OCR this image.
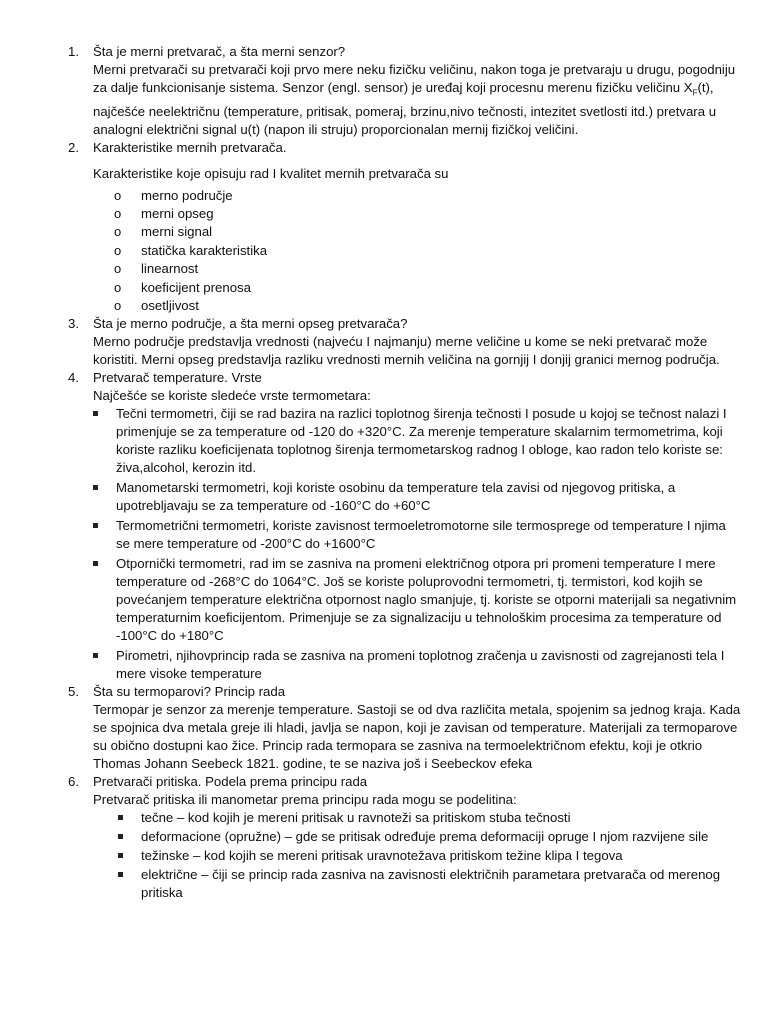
1. Šta je merni pretvarač, a šta merni senzor?
Merni pretvarači su pretvarači koji prvo mere neku fizičku veličinu, nakon toga je pretvaraju u drugu, pogodniju za dalje funkcionisanje sistema. Senzor (engl. sensor) je uređaj koji procesnu merenu fizičku veličinu $X_F(t)$, najčešće neelektričnu (temperature, pritisak, pomeraj, brzinu,nivo tečnosti, intezitet svetlosti itd.) pretvara u analogni električni signal u(t) (napon ili struju) proporcionalan mernij fizičkoj veličini.
2. Karakteristike mernih pretvarača.
Karakteristike koje opisuju rad I kvalitet mernih pretvarača su
o merno područje
o merni opseg
o merni signal
o statička karakteristika
o linearnost
o koeficijent prenosa
o osetljivost
3. Šta je merno područje, a šta merni opseg pretvarača?
Merno područje predstavlja vrednosti (najveću I najmanju) merne veličine u kome se neki pretvarač može koristiti. Merni opseg predstavlja razliku vrednosti mernih veličina na gornjij I donjij granici mernog područja.
4. Pretvarač temperature. Vrste
Najčešće se koriste sledeće vrste termometara:
Tečni termometri, čiji se rad bazira na razlici toplotnog širenja tečnosti I posude u kojoj se tečnost nalazi I primenjuje se za temperature od -120 do +320°C. Za merenje temperature skalarnim termometrima, koji koriste razliku koeficijenata toplotnog širenja termometarskog radnog I obloge, kao radon telo koriste se: živa,alcohol, kerozin itd.
Manometarski termometri, koji koriste osobinu da temperature tela zavisi od njegovog pritiska, a upotrebljavaju se za temperature od -160°C do +60°C
Termometrični termometri, koriste zavisnost termoeletromotorne sile termosprege od temperature I njima se mere temperature od -200°C do +1600°C
Otpornički termometri, rad im se zasniva na promeni električnog otpora pri promeni temperature I mere temperature od -268°C do 1064°C. Još se koriste poluprovodni termometri, tj. termistori, kod kojih se povećanjem temperature električna otpornost naglo smanjuje, tj. koriste se otporni materijali sa negativnim temperaturnim koeficijentom. Primenjuje se za signalizaciju u tehnološkim procesima za temperature od -100°C do +180°C
Pirometri, njihovprincip rada se zasniva na promeni toplotnog zračenja u zavisnosti od zagrejanosti tela I mere visoke temperature
5. Šta su termoparovi? Princip rada
Termopar je senzor za merenje temperature. Sastoji se od dva različita metala, spojenim sa jednog kraja. Kada se spojnica dva metala greje ili hladi, javlja se napon, koji je zavisan od temperature. Materijali za termoparove su obično dostupni kao žice. Princip rada termopara se zasniva na termoelektričnom efektu, koji je otkrio Thomas Johann Seebeck 1821. godine, te se naziva još i Seebeckov efeka
6. Pretvarači pritiska. Podela prema principu rada
Pretvarač pritiska ili manometar prema principu rada mogu se podelitina:
tečne – kod kojih je mereni pritisak u ravnoteži sa pritiskom stuba tečnosti
deformacione (opružne) – gde se pritisak određuje prema deformaciji opruge I njom razvijene sile
težinske – kod kojih se mereni pritisak uravnotežava pritiskom težine klipa I tegova
električne – čiji se princip rada zasniva na zavisnosti električnih parametara pretvarača od merenog pritiska
